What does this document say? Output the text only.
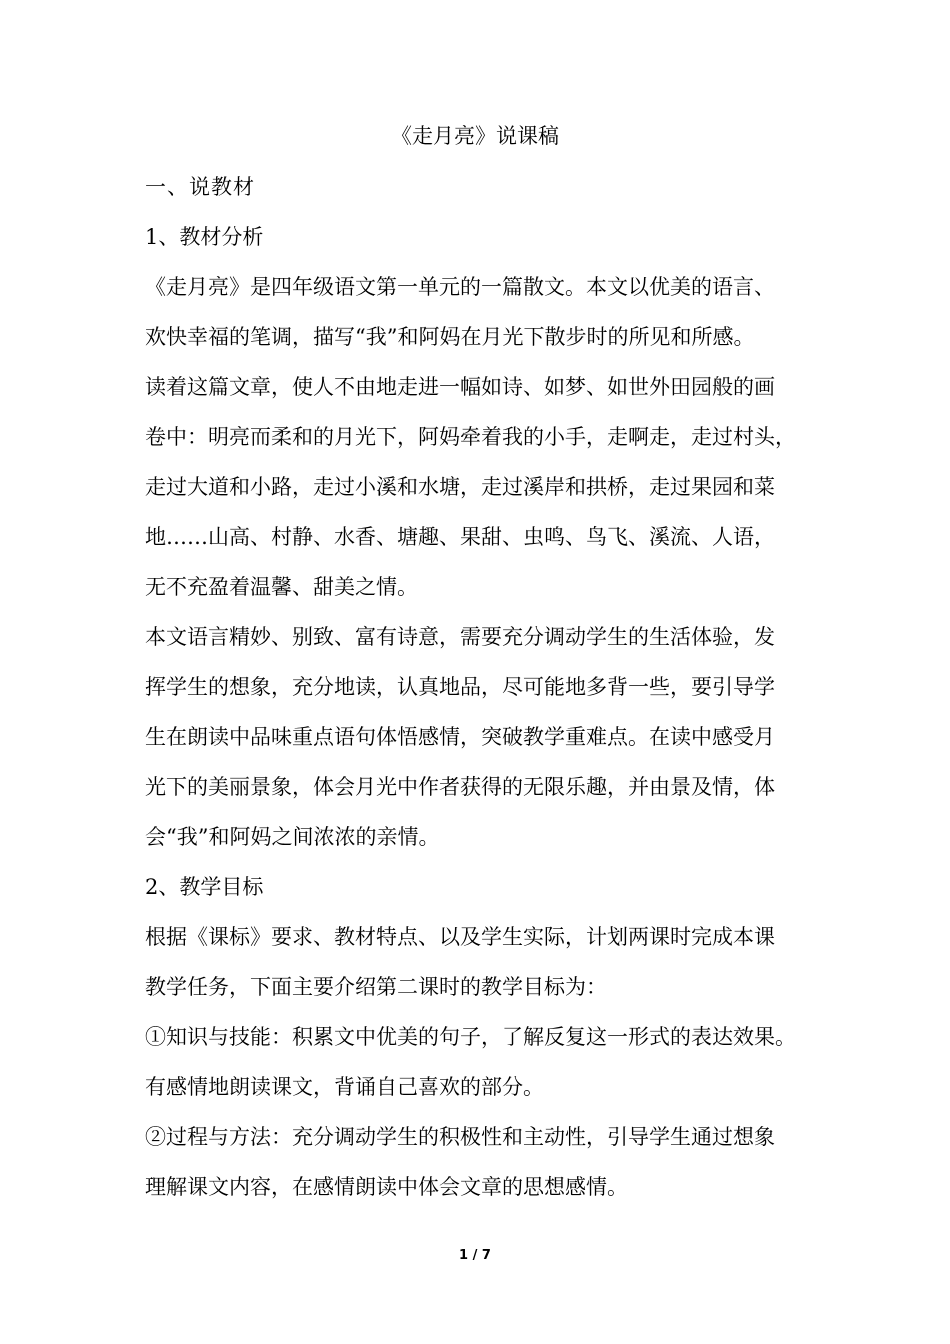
《走月亮》说课稿
一、说教材
1、教材分析
《走月亮》是四年级语文第一单元的一篇散文。本文以优美的语言、
欢快幸福的笔调，描写“我”和阿妈在月光下散步时的所见和所感。
读着这篇文章，使人不由地走进一幅如诗、如梦、如世外田园般的画
卷中：明亮而柔和的月光下，阿妈牵着我的小手，走啊走，走过村头，
走过大道和小路，走过小溪和水塘，走过溪岸和拱桥，走过果园和菜
地……山高、村静、水香、塘趣、果甜、虫鸣、鸟飞、溪流、人语，
无不充盈着温馨、甜美之情。
本文语言精妙、别致、富有诗意，需要充分调动学生的生活体验，发
挥学生的想象，充分地读，认真地品，尽可能地多背一些，要引导学
生在朗读中品味重点语句体悟感情，突破教学重难点。在读中感受月
光下的美丽景象，体会月光中作者获得的无限乐趣，并由景及情，体
会“我”和阿妈之间浓浓的亲情。
2、教学目标
根据《课标》要求、教材特点、以及学生实际，计划两课时完成本课
教学任务，下面主要介绍第二课时的教学目标为：
①知识与技能：积累文中优美的句子，了解反复这一形式的表达效果。
有感情地朗读课文，背诵自己喜欢的部分。
②过程与方法：充分调动学生的积极性和主动性，引导学生通过想象
理解课文内容，在感情朗读中体会文章的思想感情。
1 / 7
